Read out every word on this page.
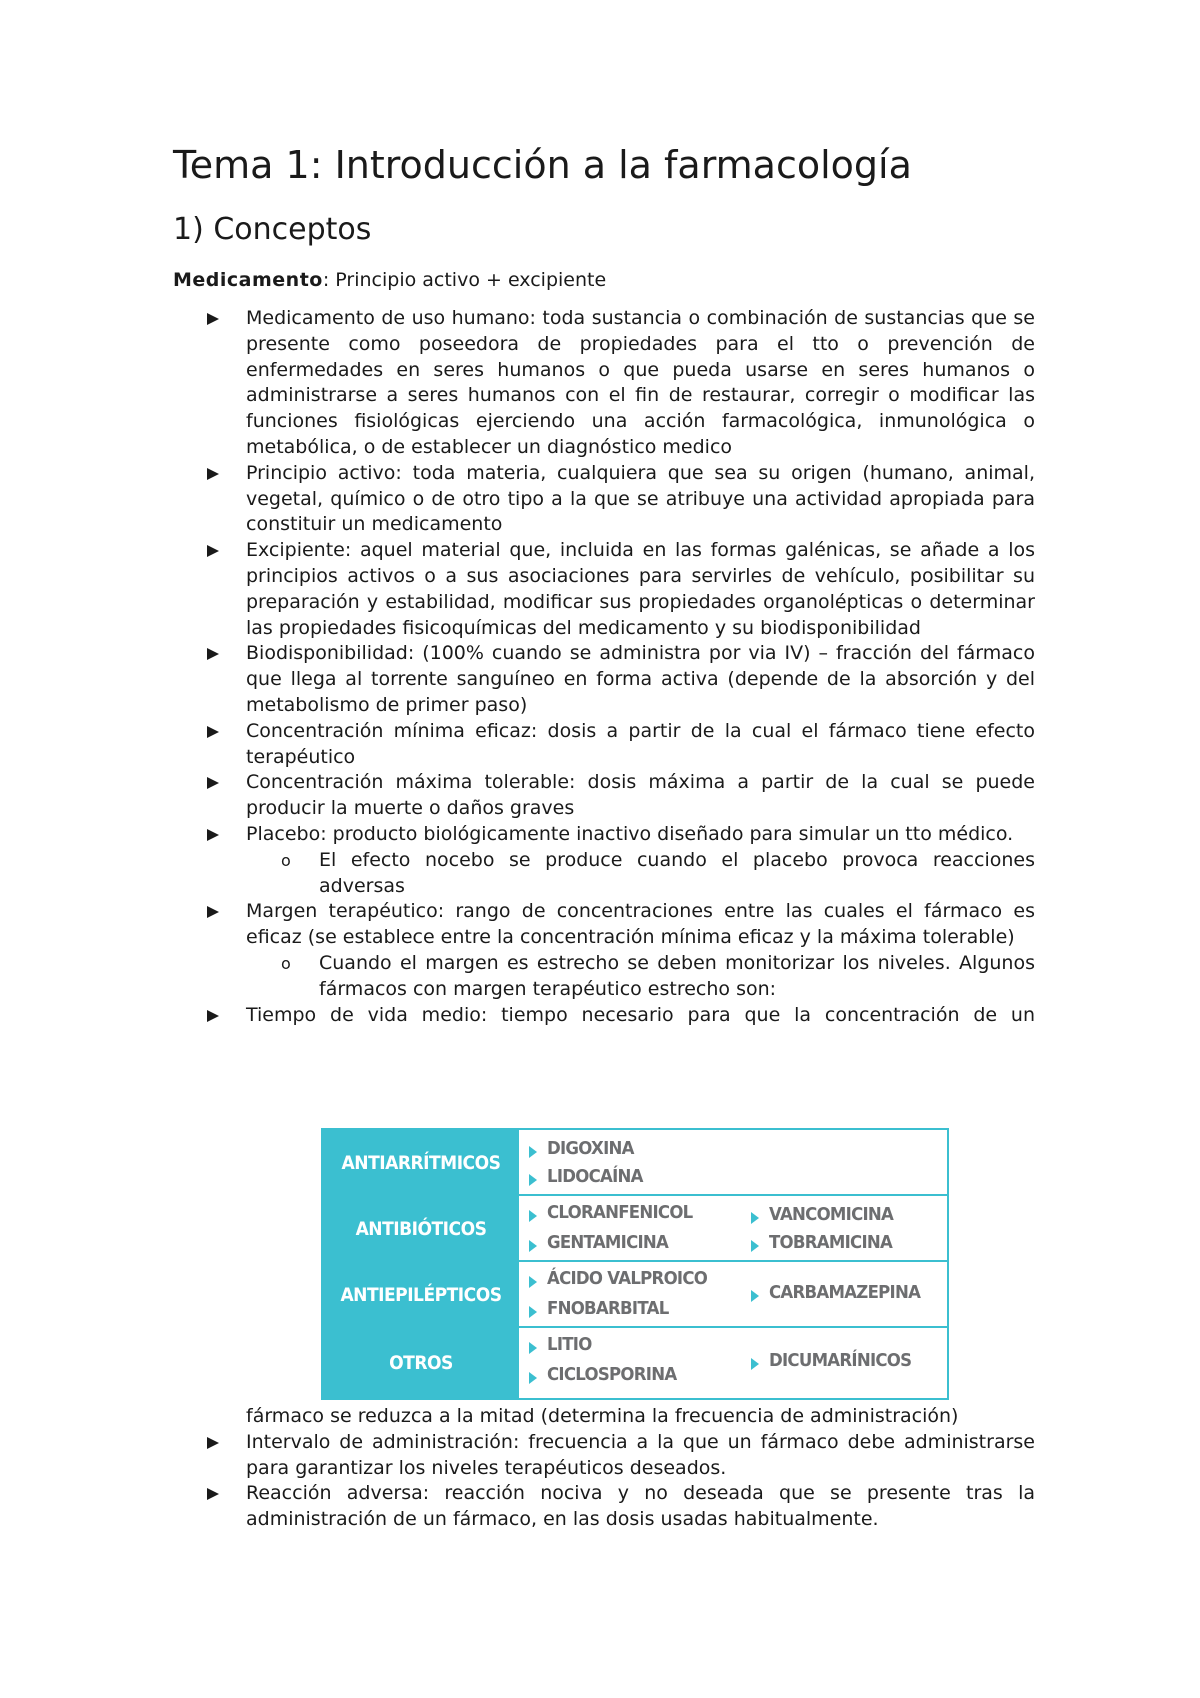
Tema 1: Introducción a la farmacología
1) Conceptos
Medicamento: Principio activo + excipiente
Medicamento de uso humano: toda sustancia o combinación de sustancias que se presente como poseedora de propiedades para el tto o prevención de enfermedades en seres humanos o que pueda usarse en seres humanos o administrarse a seres humanos con el fin de restaurar, corregir o modificar las funciones fisiológicas ejerciendo una acción farmacológica, inmunológica o metabólica, o de establecer un diagnóstico medico
Principio activo: toda materia, cualquiera que sea su origen (humano, animal, vegetal, químico o de otro tipo a la que se atribuye una actividad apropiada para constituir un medicamento
Excipiente: aquel material que, incluida en las formas galénicas, se añade a los principios activos o a sus asociaciones para servirles de vehículo, posibilitar su preparación y estabilidad, modificar sus propiedades organolépticas o determinar las propiedades fisicoquímicas del medicamento y su biodisponibilidad
Biodisponibilidad: (100% cuando se administra por via IV) – fracción del fármaco que llega al torrente sanguíneo en forma activa (depende de la absorción y del metabolismo de primer paso)
Concentración mínima eficaz: dosis a partir de la cual el fármaco tiene efecto terapéutico
Concentración máxima tolerable: dosis máxima a partir de la cual se puede producir la muerte o daños graves
Placebo: producto biológicamente inactivo diseñado para simular un tto médico.
o El efecto nocebo se produce cuando el placebo provoca reacciones adversas
Margen terapéutico: rango de concentraciones entre las cuales el fármaco es eficaz (se establece entre la concentración mínima eficaz y la máxima tolerable)
o Cuando el margen es estrecho se deben monitorizar los niveles. Algunos fármacos con margen terapéutico estrecho son:
Tiempo de vida medio: tiempo necesario para que la concentración de un
ANTIARRÍTMICOS
DIGOXINA
LIDOCAÍNA
ANTIBIÓTICOS
CLORANFENICOL
GENTAMICINA
VANCOMICINA
TOBRAMICINA
ANTIEPILÉPTICOS
ÁCIDO VALPROICO
FNOBARBITAL
CARBAMAZEPINA
OTROS
LITIO
CICLOSPORINA
DICUMARÍNICOS
fármaco se reduzca a la mitad (determina la frecuencia de administración)
Intervalo de administración: frecuencia a la que un fármaco debe administrarse para garantizar los niveles terapéuticos deseados.
Reacción adversa: reacción nociva y no deseada que se presente tras la administración de un fármaco, en las dosis usadas habitualmente.
